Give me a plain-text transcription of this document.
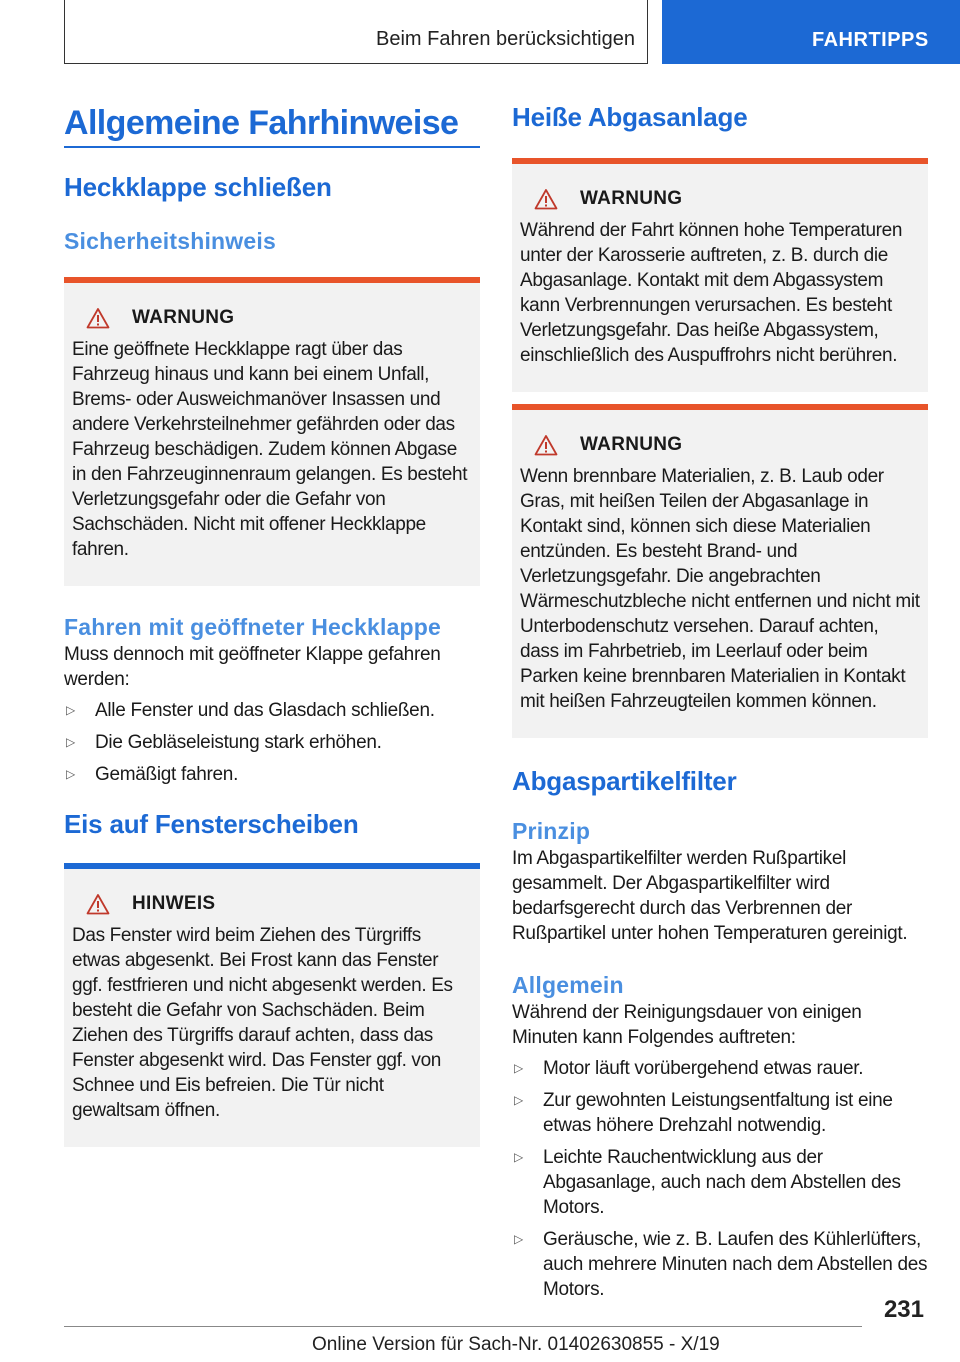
Beim Fahren berücksichtigen	FAHRTIPPS
Allgemeine Fahrhinweise
Heckklappe schließen
Sicherheitshinweis
WARNUNG

Eine geöffnete Heckklappe ragt über das Fahrzeug hinaus und kann bei einem Unfall, Brems- oder Ausweichmanöver Insassen und andere Verkehrsteilnehmer gefährden oder das Fahrzeug beschädigen. Zudem können Abgase in den Fahrzeuginnenraum gelangen. Es besteht Verletzungsgefahr oder die Gefahr von Sachschäden. Nicht mit offener Heckklappe fahren.

Fahren mit geöffneter Heckklappe

Muss dennoch mit geöffneter Klappe gefahren werden:

▷	Alle Fenster und das Glasdach schließen.
▷	Die Gebläseleistung stark erhöhen.
▷	Gemäßigt fahren.
Eis auf Fensterscheiben
HINWEIS

Das Fenster wird beim Ziehen des Türgriffs etwas abgesenkt. Bei Frost kann das Fenster ggf. festfrieren und nicht abgesenkt werden. Es besteht die Gefahr von Sachschäden. Beim Ziehen des Türgriffs darauf achten, dass das Fenster abgesenkt wird. Das Fenster ggf. von Schnee und Eis befreien. Die Tür nicht gewaltsam öffnen.

Heiße Abgasanlage
WARNUNG

Während der Fahrt können hohe Temperaturen unter der Karosserie auftreten, z. B. durch die Abgasanlage. Kontakt mit dem Abgassystem kann Verbrennungen verursachen. Es besteht Verletzungsgefahr. Das heiße Abgassystem, einschließlich des Auspuffrohrs nicht berühren.

WARNUNG

Wenn brennbare Materialien, z. B. Laub oder Gras, mit heißen Teilen der Abgasanlage in Kontakt sind, können sich diese Materialien entzünden. Es besteht Brand- und Verletzungsgefahr. Die angebrachten Wärmeschutzbleche nicht entfernen und nicht mit Unterbodenschutz versehen. Darauf achten, dass im Fahrbetrieb, im Leerlauf oder beim Parken keine brennbaren Materialien in Kontakt mit heißen Fahrzeugteilen kommen können.

Abgaspartikelfilter
Prinzip

Im Abgaspartikelfilter werden Rußpartikel gesammelt. Der Abgaspartikelfilter wird bedarfsgerecht durch das Verbrennen der Rußpartikel unter hohen Temperaturen gereinigt.

Allgemein

Während der Reinigungsdauer von einigen Minuten kann Folgendes auftreten:

▷	Motor läuft vorübergehend etwas rauer.
▷	Zur gewohnten Leistungsentfaltung ist eine etwas höhere Drehzahl notwendig.
▷	Leichte Rauchentwicklung aus der Abgasanlage, auch nach dem Abstellen des Motors.
▷	Geräusche, wie z. B. Laufen des Kühlerlüfters, auch mehrere Minuten nach dem Abstellen des Motors.
231
Online Version für Sach-Nr. 01402630855 - X/19
